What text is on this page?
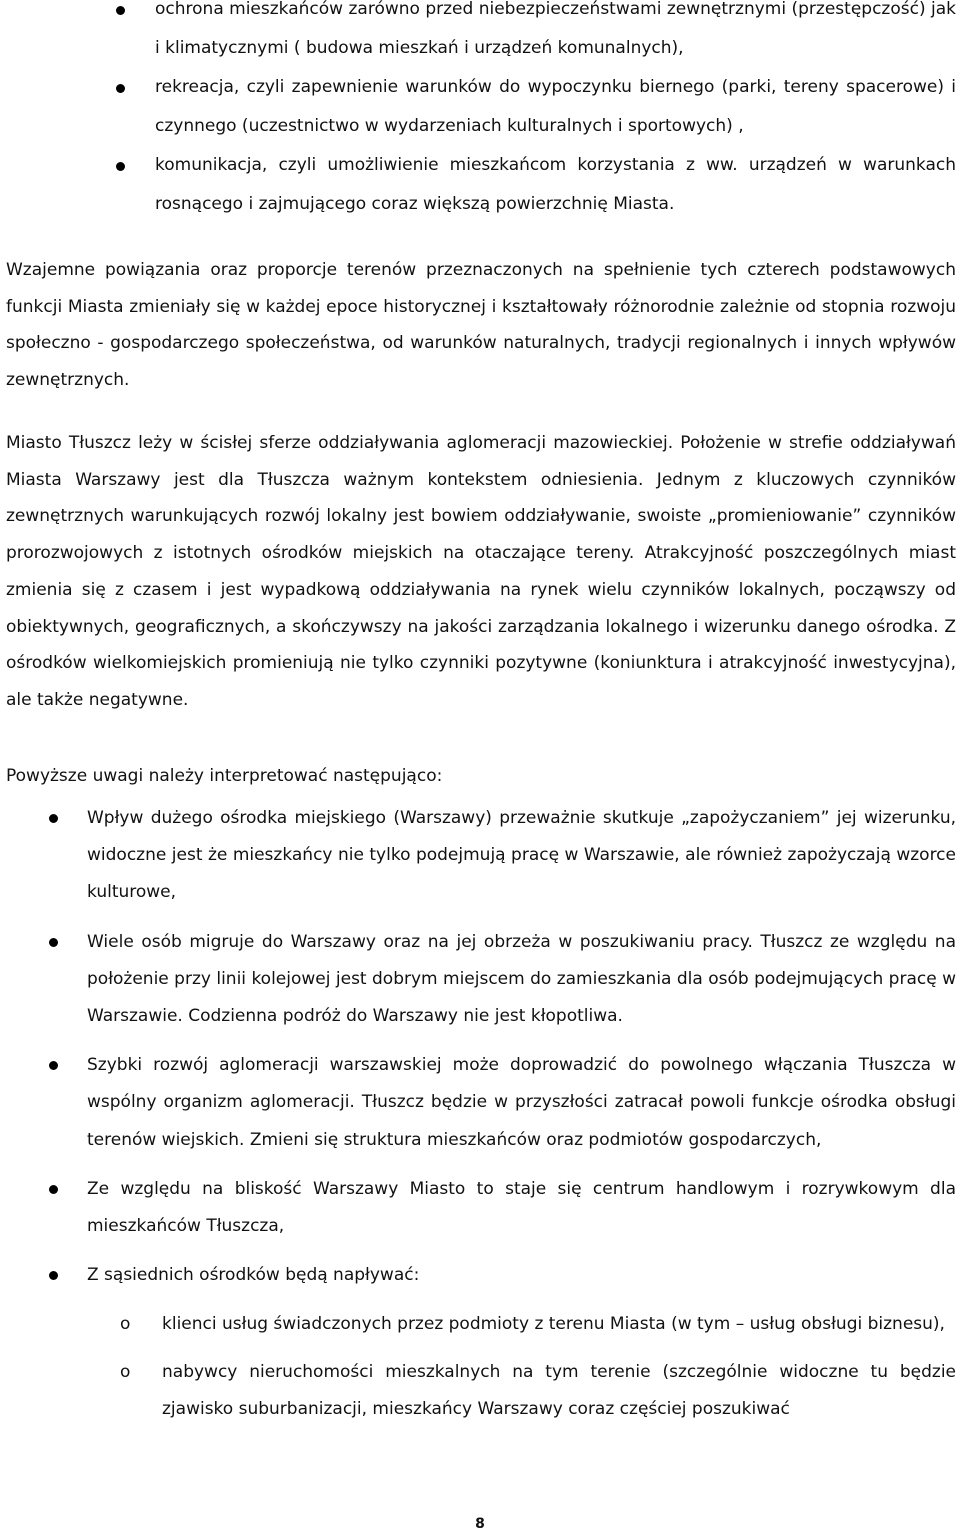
ochrona mieszkańców zarówno przed niebezpieczeństwami zewnętrznymi (przestępczość) jak i klimatycznymi ( budowa mieszkań i urządzeń komunalnych),

rekreacja, czyli zapewnienie warunków do wypoczynku biernego (parki, tereny spacerowe) i czynnego (uczestnictwo w wydarzeniach kulturalnych i sportowych) ,

komunikacja, czyli umożliwienie mieszkańcom korzystania z ww. urządzeń w warunkach rosnącego i zajmującego coraz większą powierzchnię Miasta.

Wzajemne powiązania oraz proporcje terenów przeznaczonych na spełnienie tych czterech podstawowych funkcji Miasta zmieniały się w każdej epoce historycznej i kształtowały różnorodnie zależnie od stopnia rozwoju społeczno - gospodarczego społeczeństwa, od warunków naturalnych, tradycji regionalnych i innych wpływów zewnętrznych.

Miasto Tłuszcz leży w ścisłej sferze oddziaływania aglomeracji mazowieckiej. Położenie w strefie oddziaływań Miasta Warszawy jest dla Tłuszcza ważnym kontekstem odniesienia. Jednym z kluczowych czynników zewnętrznych warunkujących rozwój lokalny jest bowiem oddziaływanie, swoiste „promieniowanie” czynników prorozwojowych z istotnych ośrodków miejskich na otaczające tereny. Atrakcyjność poszczególnych miast zmienia się z czasem i jest wypadkową oddziaływania na rynek wielu czynników lokalnych, począwszy od obiektywnych, geograficznych, a skończywszy na jakości zarządzania lokalnego i wizerunku danego ośrodka. Z ośrodków wielkomiejskich promieniują nie tylko czynniki pozytywne (koniunktura i atrakcyjność inwestycyjna), ale także negatywne.

Powyższe uwagi należy interpretować następująco:

Wpływ dużego ośrodka miejskiego (Warszawy) przeważnie skutkuje „zapożyczaniem” jej wizerunku, widoczne jest że mieszkańcy nie tylko podejmują pracę w Warszawie, ale również zapożyczają wzorce kulturowe,

Wiele osób migruje do Warszawy oraz na jej obrzeża w poszukiwaniu pracy. Tłuszcz ze względu na położenie przy linii kolejowej jest dobrym miejscem do zamieszkania dla osób podejmujących pracę w Warszawie. Codzienna podróż do Warszawy nie jest kłopotliwa.

Szybki rozwój aglomeracji warszawskiej może doprowadzić do powolnego włączania Tłuszcza w wspólny organizm aglomeracji. Tłuszcz będzie w przyszłości zatracał powoli funkcje ośrodka obsługi terenów wiejskich. Zmieni się struktura mieszkańców oraz podmiotów gospodarczych,

Ze względu na bliskość Warszawy Miasto to staje się centrum handlowym i rozrywkowym dla mieszkańców Tłuszcza,

Z sąsiednich ośrodków będą napływać:

o klienci usług świadczonych przez podmioty z terenu Miasta (w tym – usług obsługi biznesu),

o nabywcy nieruchomości mieszkalnych na tym terenie (szczególnie widoczne tu będzie zjawisko suburbanizacji, mieszkańcy Warszawy coraz częściej poszukiwać

8
